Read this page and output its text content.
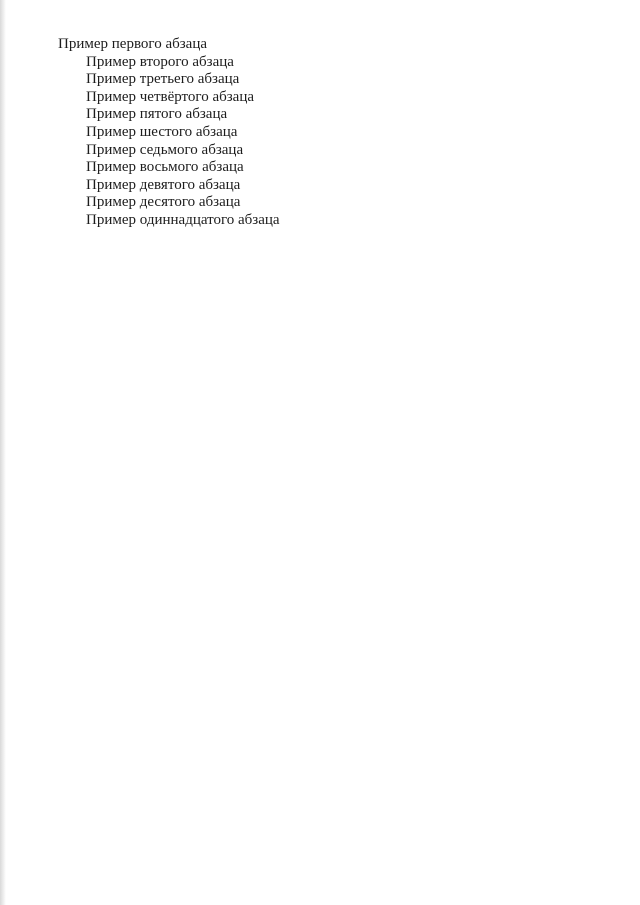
Пример первого абзаца

Пример второго абзаца

Пример третьего абзаца

Пример четвёртого абзаца

Пример пятого абзаца

Пример шестого абзаца

Пример седьмого абзаца

Пример восьмого абзаца

Пример девятого абзаца

Пример десятого абзаца

Пример одиннадцатого абзаца
